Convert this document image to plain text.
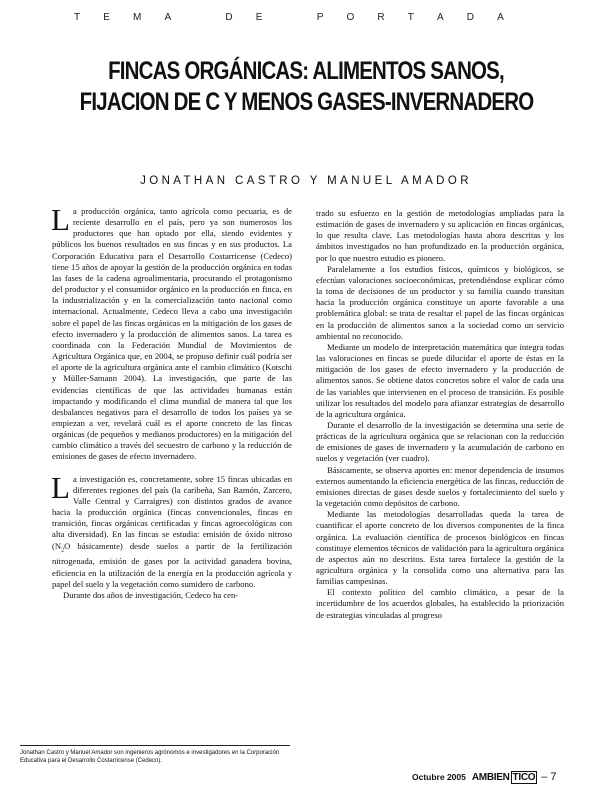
T E M A	D E	P O R T A D A
FINCAS ORGÁNICAS: ALIMENTOS SANOS,
FIJACION DE C Y MENOS GASES-INVERNADERO
JONATHAN CASTRO Y MANUEL AMADOR

La producción orgánica, tanto agrícola como pecuaria, es de reciente desarrollo en el país, pero ya son numerosos los productores que han optado por ella, siendo evidentes y públicos los buenos resultados en sus fincas y en sus productos. La Corporación Educativa para el Desarrollo Costarricense (Cedeco) tiene 15 años de apoyar la gestión de la producción orgánica en todas las fases de la cadena agroalimentaria, procurando el protagonismo del productor y el consumidor orgánico en la producción en finca, en la industrialización y en la comercialización tanto nacional como internacional. Actualmente, Cedeco lleva a cabo una investigación sobre el papel de las fincas orgánicas en la mitigación de los gases de efecto invernadero y la producción de alimentos sanos. La tarea es coordinada con la Federación Mundial de Movimientos de Agricultura Orgánica que, en 2004, se propuso definir cuál podría ser el aporte de la agricultura orgánica ante el cambio climático (Kotschi y Müller-Samann 2004). La investigación, que parte de las evidencias científicas de que las actividades humanas están impactando y modificando el clima mundial de manera tal que los desbalances negativos para el desarrollo de todos los países ya se empiezan a ver, revelará cuál es el aporte concreto de las fincas orgánicas (de pequeños y medianos productores) en la mitigación del cambio climático a través del secuestro de carbono y la reducción de emisiones de gases de efecto invernadero.

La investigación es, concretamente, sobre 15 fincas ubicadas en diferentes regiones del país (la caribeña, San Ramón, Zarcero, Valle Central y Carraigres) con distintos grados de avance hacia la producción orgánica (fincas convencionales, fincas en transición, fincas orgánicas certificadas y fincas agroecológicas con alta diversidad). En las fincas se estudia: emisión de óxido nitroso ($N_2O$ básicamente) desde suelos a partir de la fertilización nitrogenada, emisión de gases por la actividad ganadera bovina, eficiencia en la utilización de la energía en la producción agrícola y papel del suelo y la vegetación como sumidero de carbono.

Durante dos años de investigación, Cedeco ha cen-

trado su esfuerzo en la gestión de metodologías ampliadas para la estimación de gases de invernadero y su aplicación en fincas orgánicas, lo que resulta clave. Las metodologías hasta ahora descritas y los ámbitos investigados no han profundizado en la producción orgánica, por lo que nuestro estudio es pionero.

Paralelamente a los estudios físicos, químicos y biológicos, se efectúan valoraciones socioeconómicas, pretendiéndose explicar cómo la toma de decisiones de un productor y su familia cuando transitan hacia la producción orgánica constituye un aporte favorable a una problemática global: se trata de resaltar el papel de las fincas orgánicas en la producción de alimentos sanos a la sociedad como un servicio ambiental no reconocido.

Mediante un modelo de interpretación matemática que integra todas las valoraciones en fincas se puede dilucidar el aporte de éstas en la mitigación de los gases de efecto invernadero y la producción de alimentos sanos. Se obtiene datos concretos sobre el valor de cada una de las variables que intervienen en el proceso de transición. Es posible utilizar los resultados del modelo para afianzar estrategias de desarrollo de la agricultura orgánica.

Durante el desarrollo de la investigación se determina una serie de prácticas de la agricultura orgánica que se relacionan con la reducción de emisiones de gases de invernadero y la acumulación de carbono en suelos y vegetación (ver cuadro).

Básicamente, se observa aportes en: menor dependencia de insumos externos aumentando la eficiencia energética de las fincas, reducción de emisiones directas de gases desde suelos y fortalecimiento del suelo y la vegetación como depósitos de carbono.

Mediante las metodologías desarrolladas queda la tarea de cuantificar el aporte concreto de los diversos componentes de la finca orgánica. La evaluación científica de procesos biológicos en fincas constituye elementos técnicos de validación para la agricultura orgánica de aspectos aún no descritos. Esta tarea fortalece la gestión de la agricultura orgánica y la consolida como una alternativa para las familias campesinas.

El contexto político del cambio climático, a pesar de la incertidumbre de los acuerdos globales, ha establecido la priorización de estrategias vinculadas al progreso

Jonathan Castro y Manuel Amador son ingenieros agrónomos e investigadores en la Corporación Educativa para el Desarrollo Costarricense (Cedeco).
Octubre 2005 AMBIEN TICO – 7
